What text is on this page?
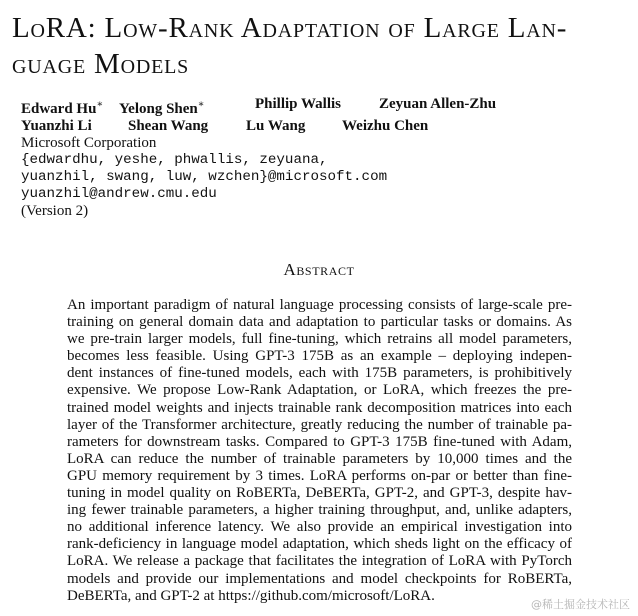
LoRA: Low-Rank Adaptation of Large Lan-
guage Models
Edward Hu∗	Yelong Shen∗	Phillip Wallis	Zeyuan Allen-Zhu
Yuanzhi Li	Shean Wang	Lu Wang	Weizhu Chen
Microsoft Corporation
{edwardhu, yeshe, phwallis, zeyuana,
yuanzhil, swang, luw, wzchen}@microsoft.com
yuanzhil@andrew.cmu.edu
(Version 2)
Abstract
An important paradigm of natural language processing consists of large-scale pre-
training on general domain data and adaptation to particular tasks or domains. As
we pre-train larger models, full fine-tuning, which retrains all model parameters,
becomes less feasible. Using GPT-3 175B as an example – deploying indepen-
dent instances of fine-tuned models, each with 175B parameters, is prohibitively
expensive. We propose Low-Rank Adaptation, or LoRA, which freezes the pre-
trained model weights and injects trainable rank decomposition matrices into each
layer of the Transformer architecture, greatly reducing the number of trainable pa-
rameters for downstream tasks. Compared to GPT-3 175B fine-tuned with Adam,
LoRA can reduce the number of trainable parameters by 10,000 times and the
GPU memory requirement by 3 times. LoRA performs on-par or better than fine-
tuning in model quality on RoBERTa, DeBERTa, GPT-2, and GPT-3, despite hav-
ing fewer trainable parameters, a higher training throughput, and, unlike adapters,
no additional inference latency. We also provide an empirical investigation into
rank-deficiency in language model adaptation, which sheds light on the efficacy of
LoRA. We release a package that facilitates the integration of LoRA with PyTorch
models and provide our implementations and model checkpoints for RoBERTa,
DeBERTa, and GPT-2 at https://github.com/microsoft/LoRA.
@稀土掘金技术社区
